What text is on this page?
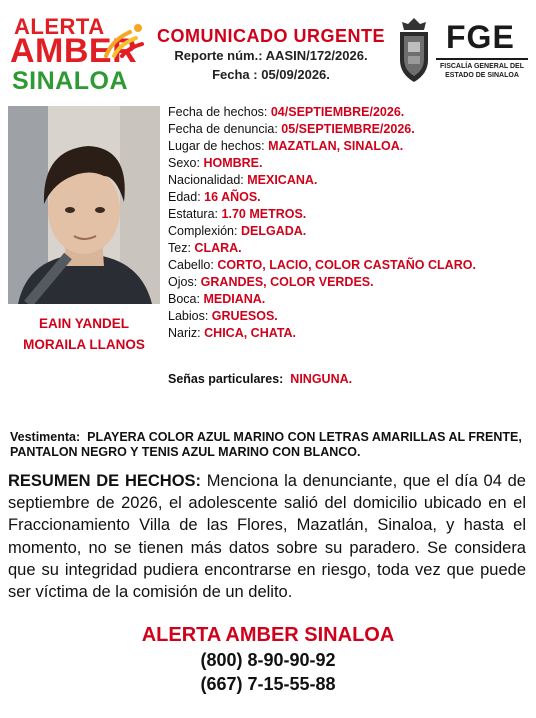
ALERTA
AMBER
SINALOA
COMUNICADO URGENTE
Reporte núm.: AASIN/172/2026.
Fecha : 05/09/2026.
FGE
FISCALÍA GENERAL DEL
ESTADO DE SINALOA
EAIN YANDEL
MORAILA LLANOS
Fecha de hechos: 04/SEPTIEMBRE/2026.
Fecha de denuncia: 05/SEPTIEMBRE/2026.
Lugar de hechos: MAZATLAN, SINALOA.
Sexo: HOMBRE.
Nacionalidad: MEXICANA.
Edad: 16 AÑOS.
Estatura: 1.70 METROS.
Complexión: DELGADA.
Tez: CLARA.
Cabello: CORTO, LACIO, COLOR CASTAÑO CLARO.
Ojos: GRANDES, COLOR VERDES.
Boca: MEDIANA.
Labios: GRUESOS.
Nariz: CHICA, CHATA.
Señas particulares: NINGUNA.
Vestimenta: PLAYERA COLOR AZUL MARINO CON LETRAS AMARILLAS AL FRENTE, PANTALON NEGRO Y TENIS AZUL MARINO CON BLANCO.
RESUMEN DE HECHOS: Menciona la denunciante, que el día 04 de septiembre de 2026, el adolescente salió del domicilio ubicado en el Fraccionamiento Villa de las Flores, Mazatlán, Sinaloa, y hasta el momento, no se tienen más datos sobre su paradero. Se considera que su integridad pudiera encontrarse en riesgo, toda vez que puede ser víctima de la comisión de un delito.
ALERTA AMBER SINALOA
(800) 8-90-90-92
(667) 7-15-55-88
